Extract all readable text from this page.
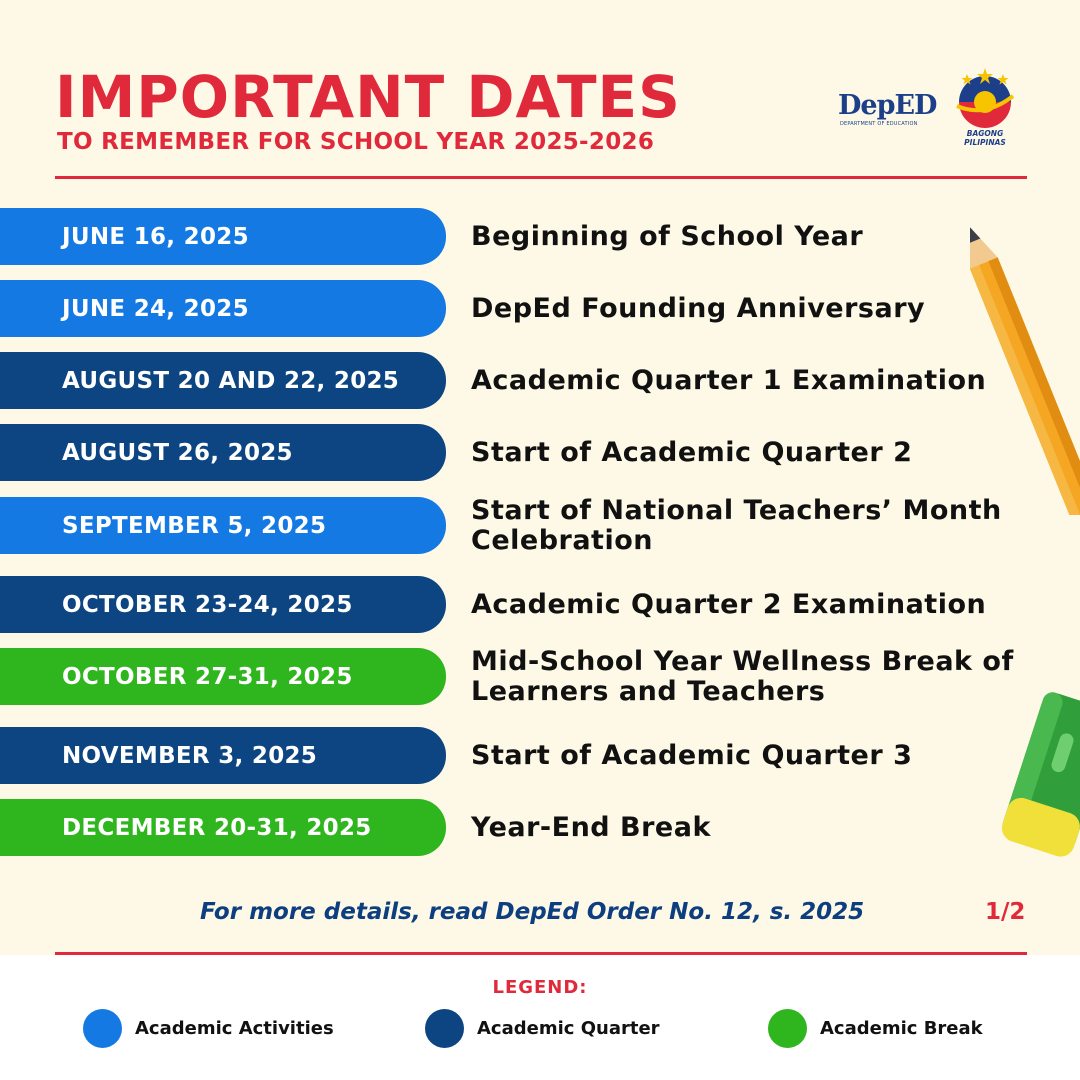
IMPORTANT DATES
TO REMEMBER FOR SCHOOL YEAR 2025-2026
DepED
DEPARTMENT OF EDUCATION
BAGONG PILIPINAS
JUNE 16, 2025	Beginning of School Year
JUNE 24, 2025	DepEd Founding Anniversary
AUGUST 20 AND 22, 2025	Academic Quarter 1 Examination
AUGUST 26, 2025	Start of Academic Quarter 2
SEPTEMBER 5, 2025	Start of National Teachers’ Month Celebration
OCTOBER 23-24, 2025	Academic Quarter 2 Examination
OCTOBER 27-31, 2025	Mid-School Year Wellness Break of Learners and Teachers
NOVEMBER 3, 2025	Start of Academic Quarter 3
DECEMBER 20-31, 2025	Year-End Break
For more details, read DepEd Order No. 12, s. 2025	1/2
LEGEND:
Academic Activities	Academic Quarter	Academic Break
